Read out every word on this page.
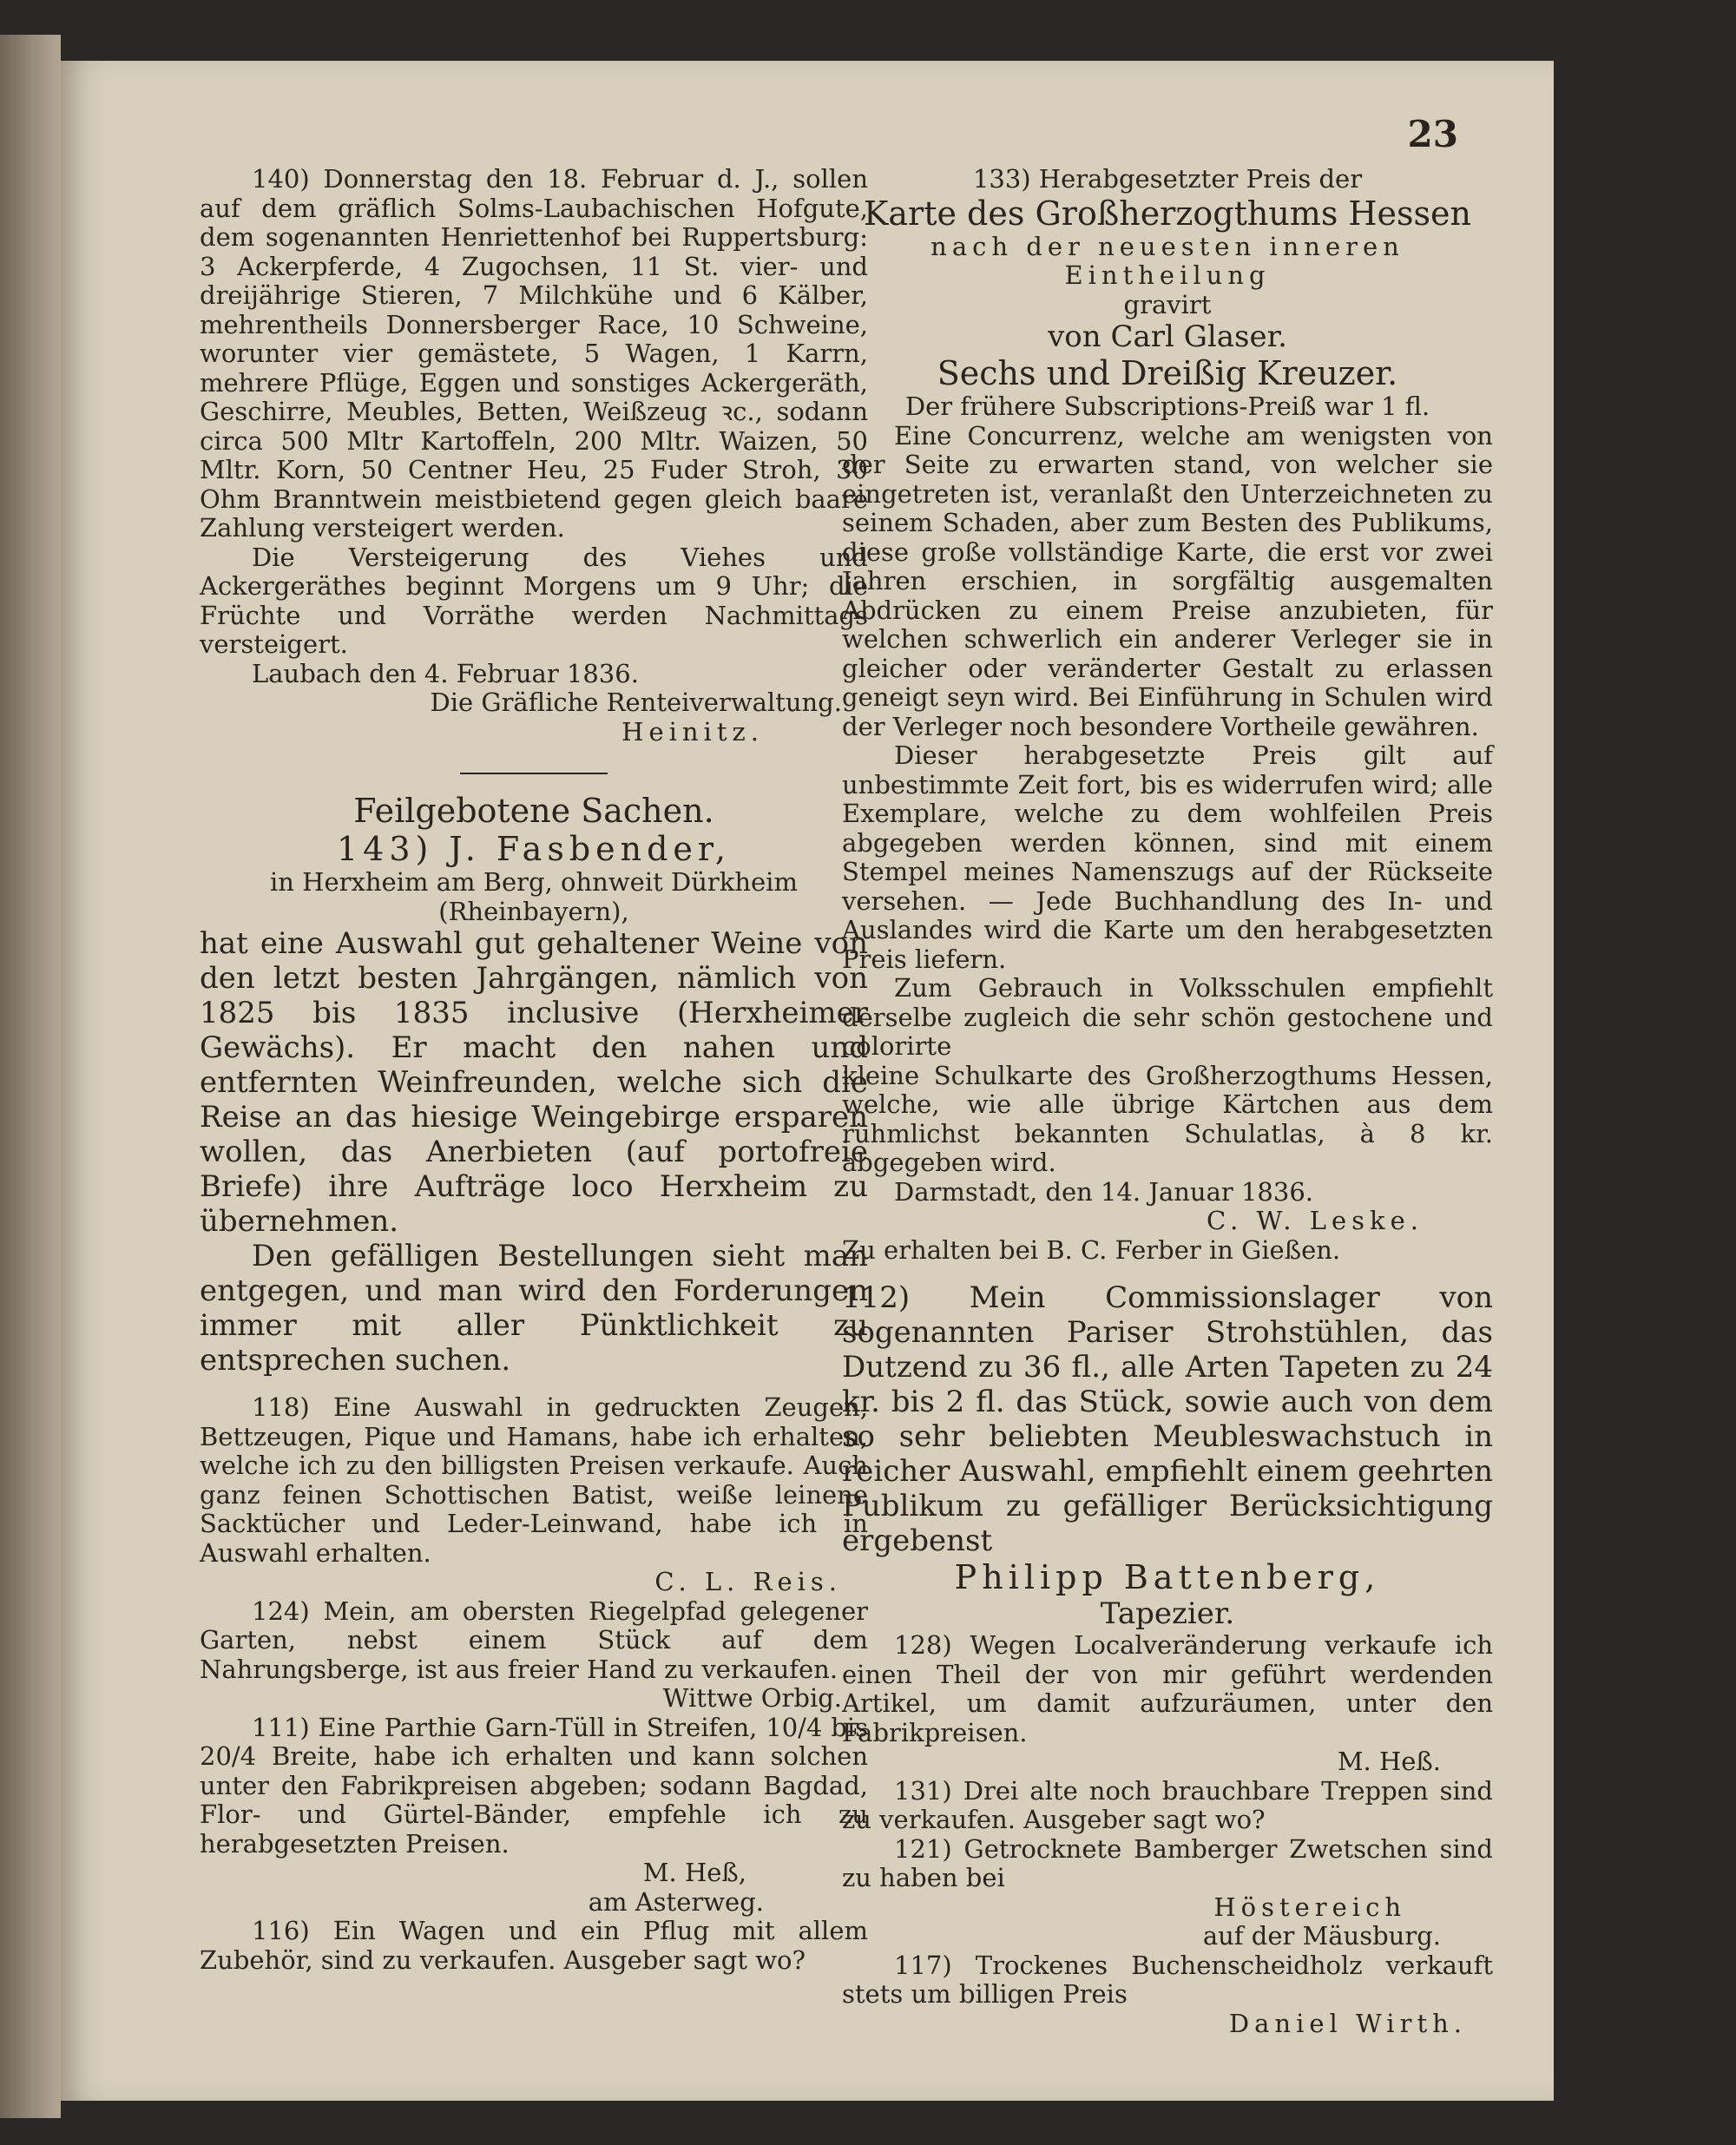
23

140) Donnerstag den 18. Februar d. J., sollen auf dem gräflich Solms-Laubachischen Hofgute, dem sogenannten Henriettenhof bei Ruppertsburg: 3 Ackerpferde, 4 Zugochsen, 11 St. vier- und dreijährige Stieren, 7 Milchkühe und 6 Kälber, mehrentheils Donnersberger Race, 10 Schweine, worunter vier gemästete, 5 Wagen, 1 Karrn, mehrere Pflüge, Eggen und sonstiges Ackergeräth, Geschirre, Meubles, Betten, Weißzeug ꝛc., sodann circa 500 Mltr Kartoffeln, 200 Mltr. Waizen, 50 Mltr. Korn, 50 Centner Heu, 25 Fuder Stroh, 30 Ohm Branntwein meistbietend gegen gleich baare Zahlung versteigert werden.

Die Versteigerung des Viehes und Ackergeräthes beginnt Morgens um 9 Uhr; die Früchte und Vorräthe werden Nachmittags versteigert.

Laubach den 4. Februar 1836.

Die Gräfliche Renteiverwaltung.

Heinitz.

Feilgebotene Sachen.

143) J. Fasbender,

in Herxheim am Berg, ohnweit Dürkheim

(Rheinbayern),

hat eine Auswahl gut gehaltener Weine von den letzt besten Jahrgängen, nämlich von 1825 bis 1835 inclusive (Herxheimer Gewächs). Er macht den nahen und entfernten Weinfreunden, welche sich die Reise an das hiesige Weingebirge ersparen wollen, das Anerbieten (auf portofreie Briefe) ihre Aufträge loco Herxheim zu übernehmen.

Den gefälligen Bestellungen sieht man entgegen, und man wird den Forderungen immer mit aller Pünktlichkeit zu entsprechen suchen.

118) Eine Auswahl in gedruckten Zeugen, Bettzeugen, Pique und Hamans, habe ich erhalten, welche ich zu den billigsten Preisen verkaufe. Auch ganz feinen Schottischen Batist, weiße leinene Sacktücher und Leder-Leinwand, habe ich in Auswahl erhalten.

C. L. Reis.

124) Mein, am obersten Riegelpfad gelegener Garten, nebst einem Stück auf dem Nahrungsberge, ist aus freier Hand zu verkaufen.

Wittwe Orbig.

111) Eine Parthie Garn-Tüll in Streifen, 10/4 bis 20/4 Breite, habe ich erhalten und kann solchen unter den Fabrikpreisen abgeben; sodann Bagdad, Flor- und Gürtel-Bänder, empfehle ich zu herabgesetzten Preisen.

M. Heß,

am Asterweg.

116) Ein Wagen und ein Pflug mit allem Zubehör, sind zu verkaufen. Ausgeber sagt wo?

133) Herabgesetzter Preis der

Karte des Großherzogthums Hessen

nach der neuesten inneren Eintheilung

gravirt

von Carl Glaser.

Sechs und Dreißig Kreuzer.

Der frühere Subscriptions-Preiß war 1 fl.

Eine Concurrenz, welche am wenigsten von der Seite zu erwarten stand, von welcher sie eingetreten ist, veranlaßt den Unterzeichneten zu seinem Schaden, aber zum Besten des Publikums, diese große vollständige Karte, die erst vor zwei Jahren erschien, in sorgfältig ausgemalten Abdrücken zu einem Preise anzubieten, für welchen schwerlich ein anderer Verleger sie in gleicher oder veränderter Gestalt zu erlassen geneigt seyn wird. Bei Einführung in Schulen wird der Verleger noch besondere Vortheile gewähren.

Dieser herabgesetzte Preis gilt auf unbestimmte Zeit fort, bis es widerrufen wird; alle Exemplare, welche zu dem wohlfeilen Preis abgegeben werden können, sind mit einem Stempel meines Namenszugs auf der Rückseite versehen. — Jede Buchhandlung des In- und Auslandes wird die Karte um den herabgesetzten Preis liefern.

Zum Gebrauch in Volksschulen empfiehlt derselbe zugleich die sehr schön gestochene und colorirte

kleine Schulkarte des Großherzogthums Hessen, welche, wie alle übrige Kärtchen aus dem rühmlichst bekannten Schulatlas, à 8 kr. abgegeben wird.

Darmstadt, den 14. Januar 1836.

C. W. Leske.

Zu erhalten bei B. C. Ferber in Gießen.

112) Mein Commissionslager von sogenannten Pariser Strohstühlen, das Dutzend zu 36 fl., alle Arten Tapeten zu 24 kr. bis 2 fl. das Stück, sowie auch von dem so sehr beliebten Meubleswachstuch in reicher Auswahl, empfiehlt einem geehrten Publikum zu gefälliger Berücksichtigung ergebenst

Philipp Battenberg,

Tapezier.

128) Wegen Localveränderung verkaufe ich einen Theil der von mir geführt werdenden Artikel, um damit aufzuräumen, unter den Fabrikpreisen.

M. Heß.

131) Drei alte noch brauchbare Treppen sind zu verkaufen. Ausgeber sagt wo?

121) Getrocknete Bamberger Zwetschen sind zu haben bei

Höstereich

auf der Mäusburg.

117) Trockenes Buchenscheidholz verkauft stets um billigen Preis

Daniel Wirth.
